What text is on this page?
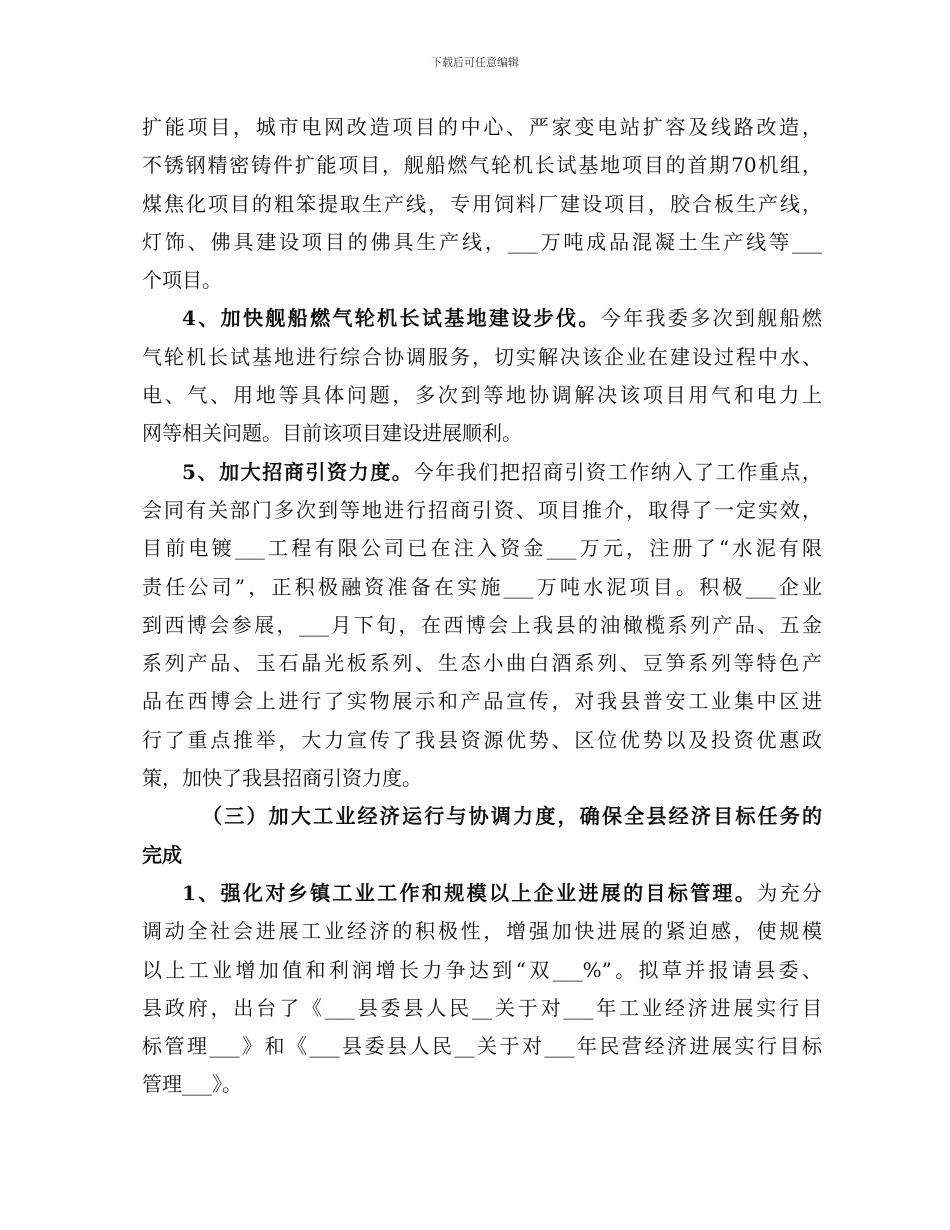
下载后可任意编辑
扩能项目，城市电网改造项目的中心、严家变电站扩容及线路改造，
不锈钢精密铸件扩能项目，舰船燃气轮机长试基地项目的首期70机组，
煤焦化项目的粗笨提取生产线，专用饲料厂建设项目，胶合板生产线，
灯饰、佛具建设项目的佛具生产线，___万吨成品混凝土生产线等___
个项目。
4、加快舰船燃气轮机长试基地建设步伐。今年我委多次到舰船燃
气轮机长试基地进行综合协调服务，切实解决该企业在建设过程中水、
电、气、用地等具体问题，多次到等地协调解决该项目用气和电力上
网等相关问题。目前该项目建设进展顺利。
5、加大招商引资力度。今年我们把招商引资工作纳入了工作重点，
会同有关部门多次到等地进行招商引资、项目推介，取得了一定实效，
目前电镀___工程有限公司已在注入资金___万元，注册了“水泥有限
责任公司”，正积极融资准备在实施___万吨水泥项目。积极___企业
到西博会参展，___月下旬，在西博会上我县的油橄榄系列产品、五金
系列产品、玉石晶光板系列、生态小曲白酒系列、豆笋系列等特色产
品在西博会上进行了实物展示和产品宣传，对我县普安工业集中区进
行了重点推举，大力宣传了我县资源优势、区位优势以及投资优惠政
策，加快了我县招商引资力度。
（三）加大工业经济运行与协调力度，确保全县经济目标任务的
完成
1、强化对乡镇工业工作和规模以上企业进展的目标管理。为充分
调动全社会进展工业经济的积极性，增强加快进展的紧迫感，使规模
以上工业增加值和利润增长力争达到“双___%”。拟草并报请县委、
县政府，出台了《___县委县人民__关于对___年工业经济进展实行目
标管理___》和《___县委县人民__关于对___年民营经济进展实行目标
管理___》。
